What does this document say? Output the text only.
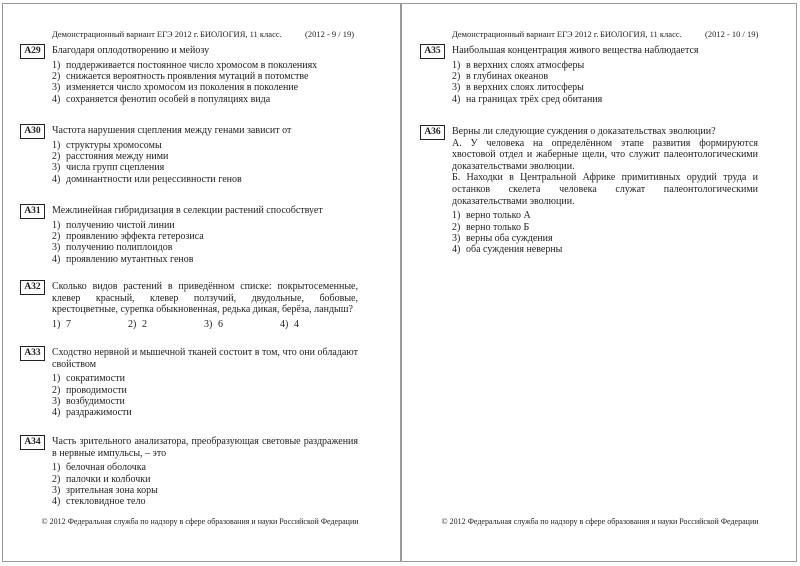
Демонстрационный вариант ЕГЭ 2012 г. БИОЛОГИЯ, 11 класс.	(2012 - 9 / 19)
A29	Благодаря оплодотворению и мейозу
1) поддерживается постоянное число хромосом в поколениях
2) снижается вероятность проявления мутаций в потомстве
3) изменяется число хромосом из поколения в поколение
4) сохраняется фенотип особей в популяциях вида
A30	Частота нарушения сцепления между генами зависит от
1) структуры хромосомы
2) расстояния между ними
3) числа групп сцепления
4) доминантности или рецессивности генов
A31	Межлинейная гибридизация в селекции растений способствует
1) получению чистой линии
2) проявлению эффекта гетерозиса
3) получению полиплоидов
4) проявлению мутантных генов
A32	Сколько видов растений в приведённом списке: покрытосеменные, клевер красный, клевер ползучий, двудольные, бобовые, крестоцветные, сурепка обыкновенная, редька дикая, берёза, ландыш?
1) 7	2) 2	3) 6	4) 4
A33	Сходство нервной и мышечной тканей состоит в том, что они обладают свойством
1) сократимости
2) проводимости
3) возбудимости
4) раздражимости
A34	Часть зрительного анализатора, преобразующая световые раздражения в нервные импульсы, – это
1) белочная оболочка
2) палочки и колбочки
3) зрительная зона коры
4) стекловидное тело
© 2012 Федеральная служба по надзору в сфере образования и науки Российской Федерации
Демонстрационный вариант ЕГЭ 2012 г. БИОЛОГИЯ, 11 класс.	(2012 - 10 / 19)
A35	Наибольшая концентрация живого вещества наблюдается
1) в верхних слоях атмосферы
2) в глубинах океанов
3) в верхних слоях литосферы
4) на границах трёх сред обитания
A36	Верны ли следующие суждения о доказательствах эволюции?
А. У человека на определённом этапе развития формируются хвостовой отдел и жаберные щели, что служит палеонтологическими доказательствами эволюции.
Б. Находки в Центральной Африке примитивных орудий труда и останков скелета человека служат палеонтологическими доказательствами эволюции.
1) верно только А
2) верно только Б
3) верны оба суждения
4) оба суждения неверны
© 2012 Федеральная служба по надзору в сфере образования и науки Российской Федерации
